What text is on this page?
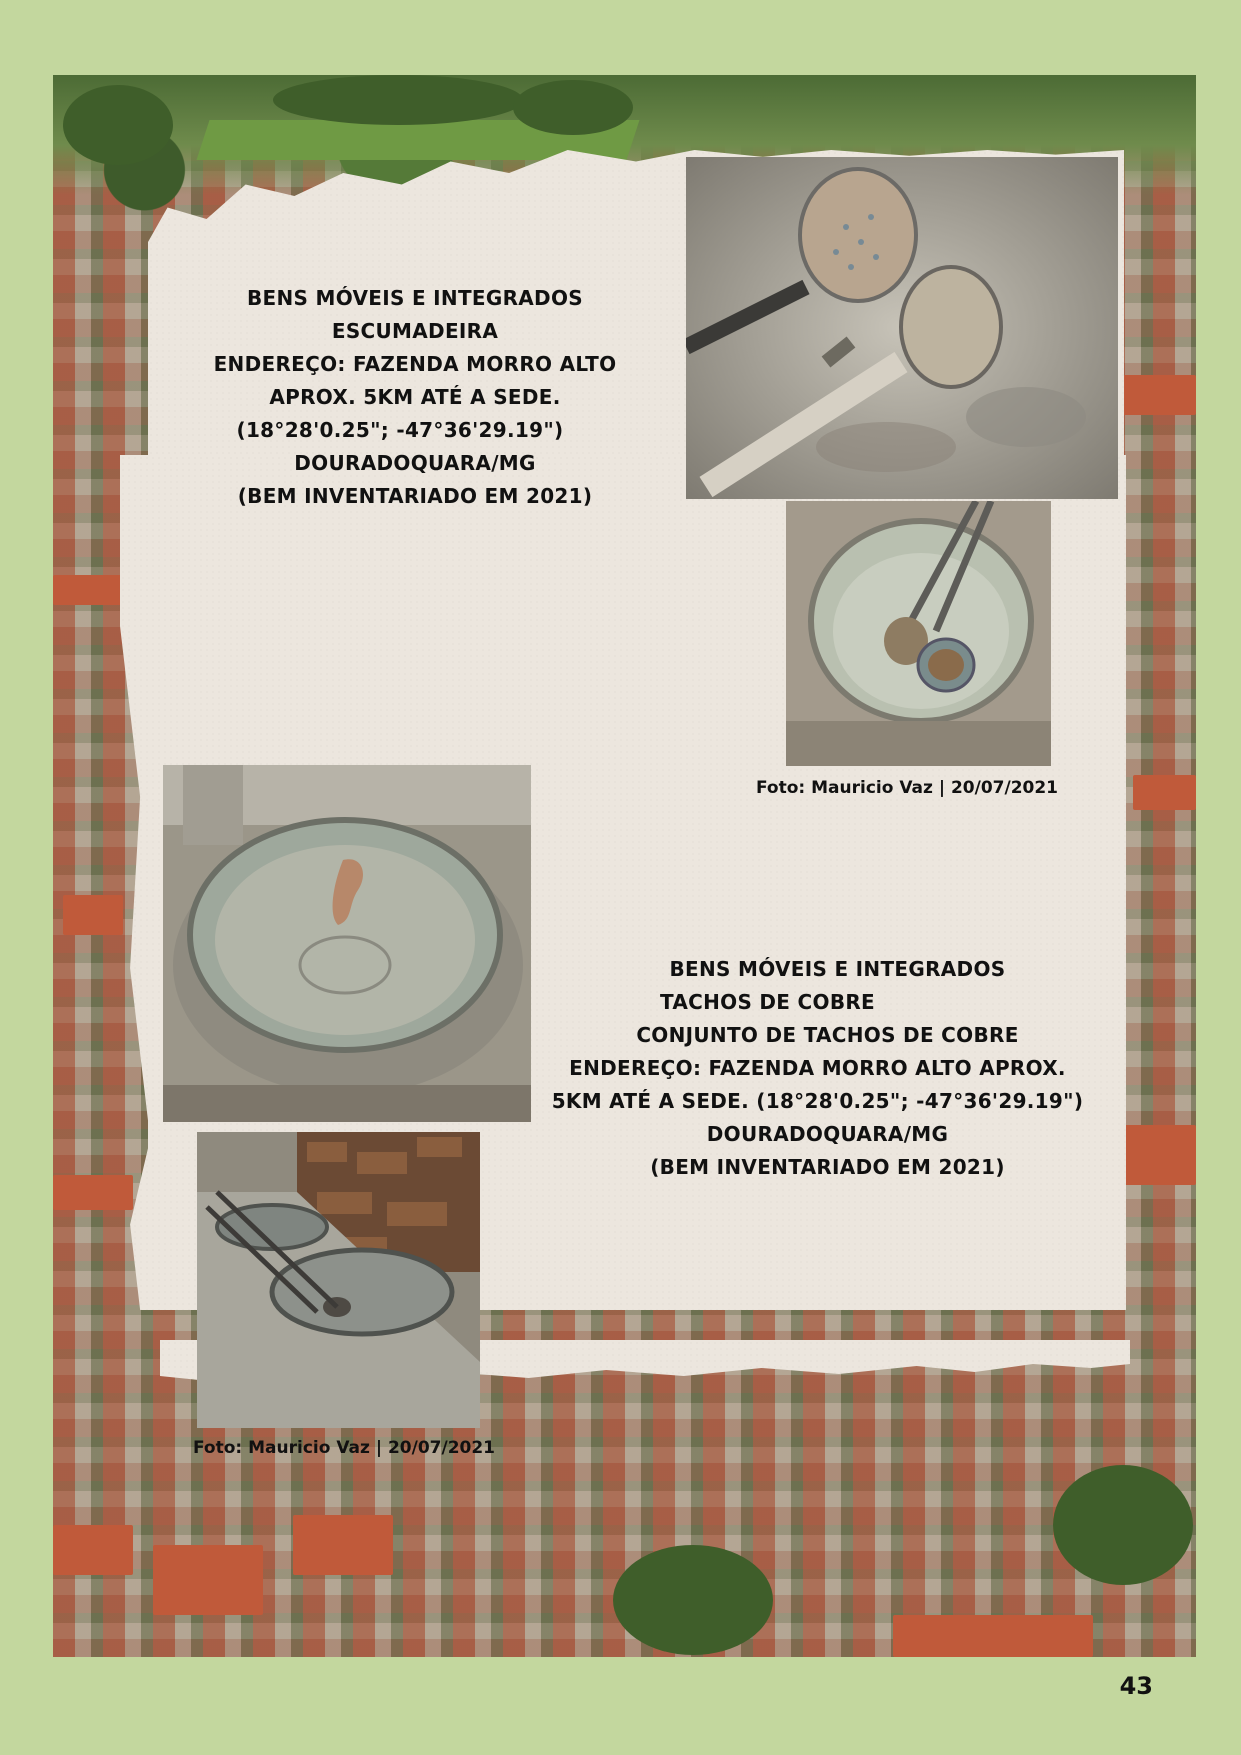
BENS MÓVEIS E INTEGRADOS
ESCUMADEIRA
ENDEREÇO: FAZENDA MORRO ALTO
APROX. 5KM ATÉ A SEDE.
(18°28'0.25"; -47°36'29.19")
DOURADOQUARA/MG
(BEM INVENTARIADO EM 2021)
Foto: Mauricio Vaz | 20/07/2021
BENS MÓVEIS E INTEGRADOS
TACHOS DE COBRE
CONJUNTO DE TACHOS DE COBRE
ENDEREÇO: FAZENDA MORRO ALTO APROX.
5KM ATÉ A SEDE. (18°28'0.25"; -47°36'29.19")
DOURADOQUARA/MG
(BEM INVENTARIADO EM 2021)
Foto: Mauricio Vaz | 20/07/2021
43
